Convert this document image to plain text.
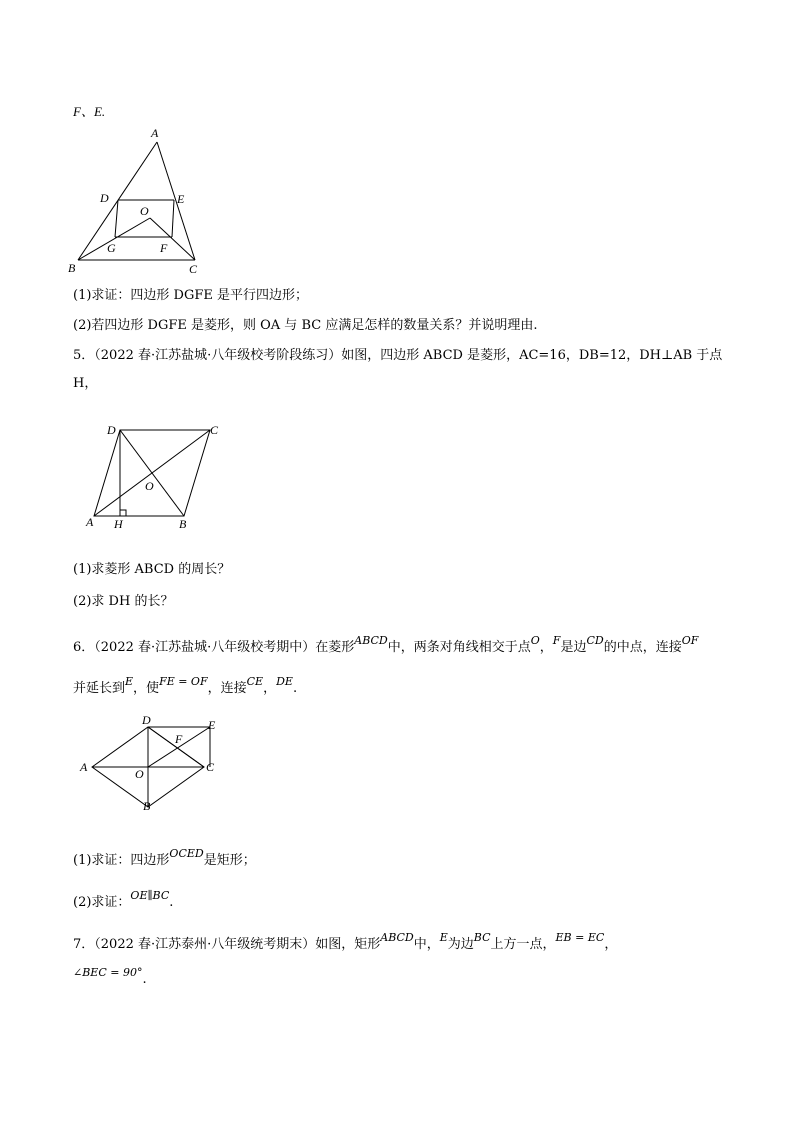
F、E.
A
B	C
D	E
F
G
O
(1)求证：四边形 DGFE 是平行四边形；
(2)若四边形 DGFE 是菱形，则 OA 与 BC 应满足怎样的数量关系？并说明理由.
5．（2022 春·江苏盐城·八年级校考阶段练习）如图，四边形 ABCD 是菱形，AC=16，DB=12，DH⊥AB 于点
H，
D	C
A H	B
O
(1)求菱形 ABCD 的周长？
(2)求 DH 的长？
6．（2022 春·江苏盐城·八年级校考期中）在菱形$^{ABCD}$中，两条对角线相交于点$^O$，$^F$是边$^{CD}$的中点，连接$^{OF}$
并延长到$^E$，使$^{FE = OF}$，连接$^{CE}$，$^{DE}$.
A
D	E
F
O	C
B
(1)求证：四边形$^{OCED}$是矩形；
(2)求证：$^{OE\parallel BC}$.
7．（2022 春·江苏泰州·八年级统考期末）如图，矩形$^{ABCD}$中，$^E$为边$^{BC}$上方一点，$^{EB = EC}$，
$^{\angle BEC = 90^\circ}$.
